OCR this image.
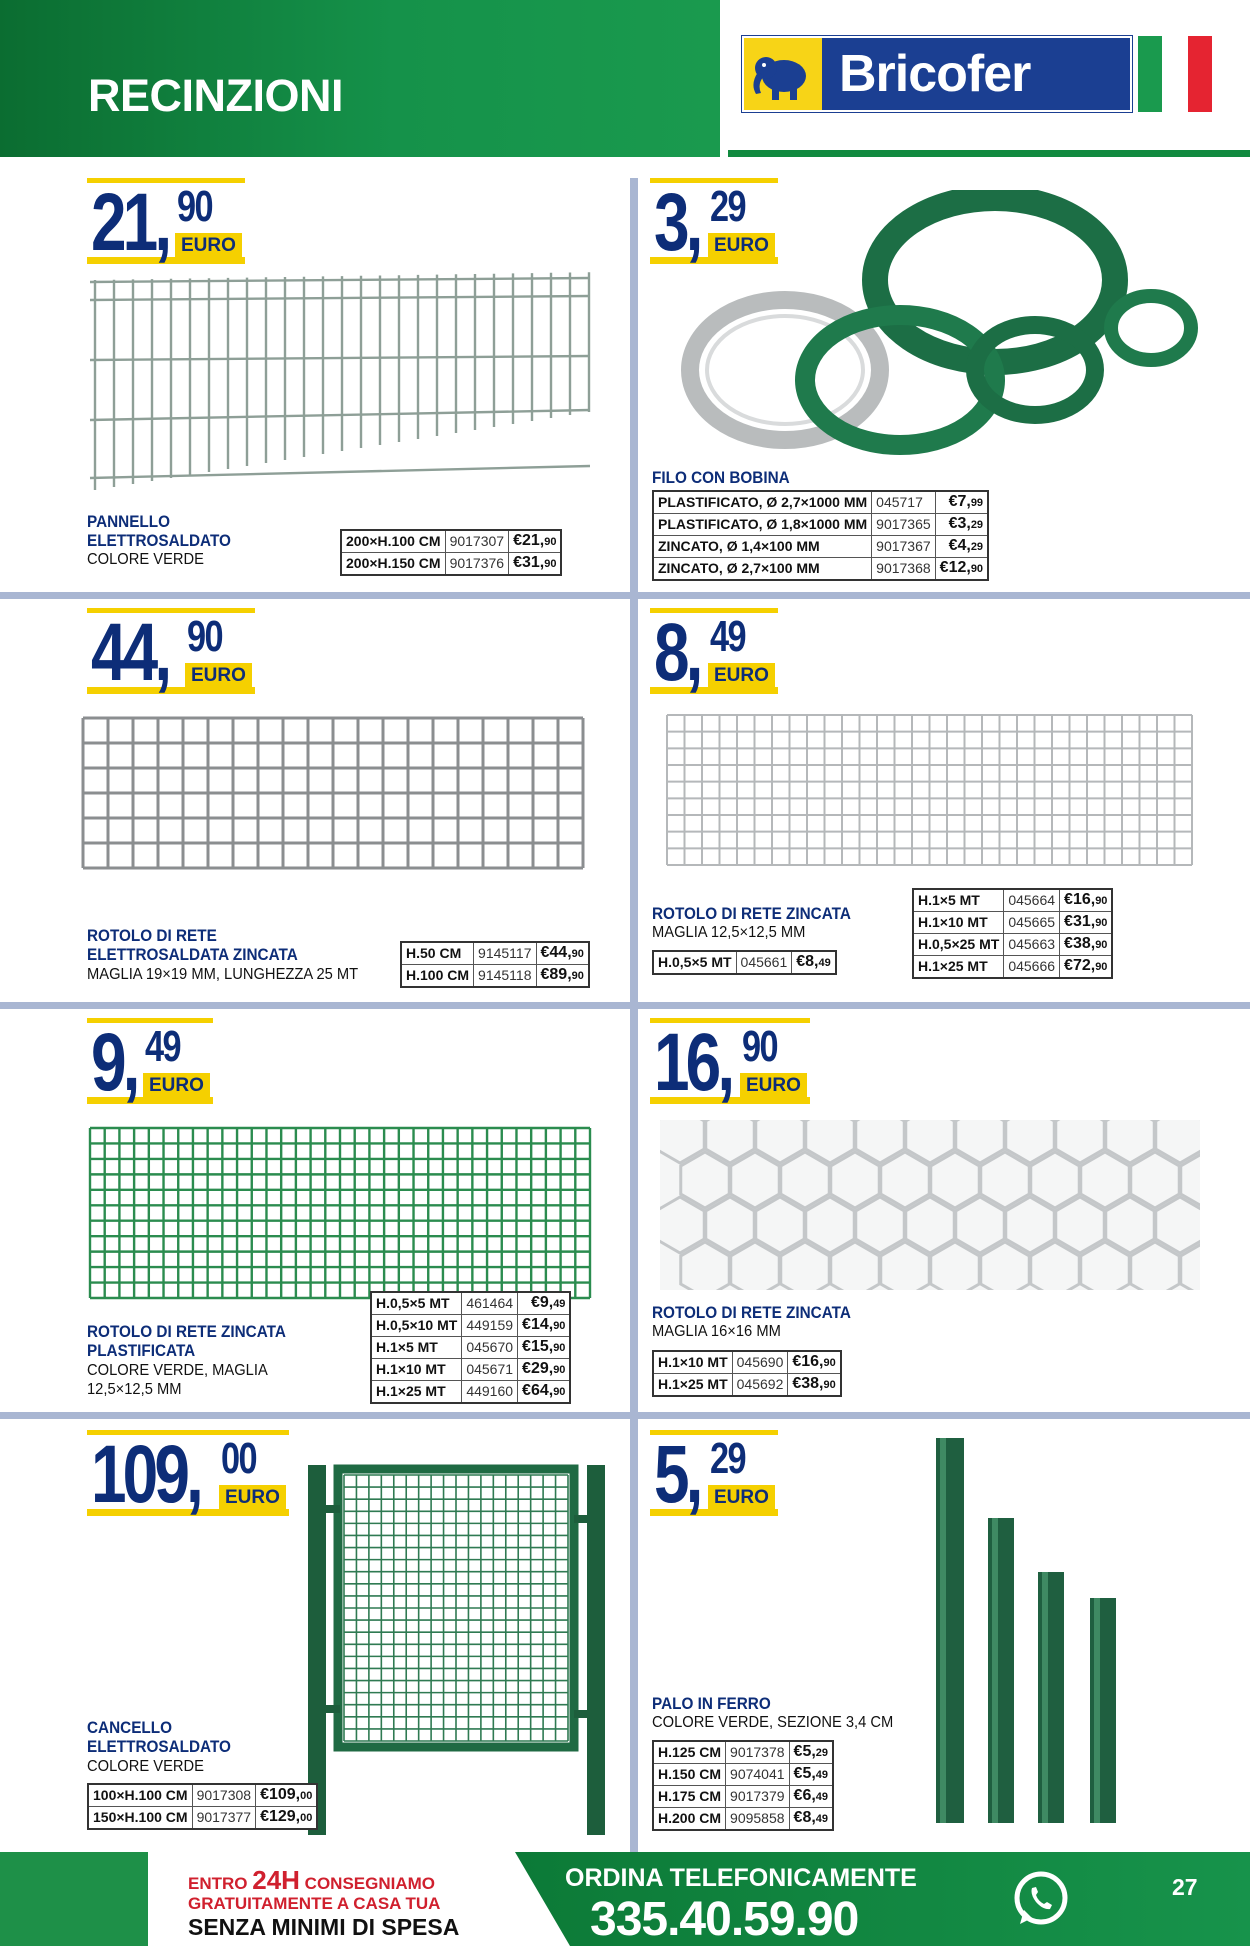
RECINZIONI	Bricofer
21, 90
EURO
PANNELLO
ELETTROSALDATO
COLORE VERDE
200×H.100 CM	9017307	€21,90
200×H.150 CM	9017376	€31,90
3, 29
EURO
FILO CON BOBINA
PLASTIFICATO, Ø 2,7×1000 MM	045717	€7,99
PLASTIFICATO, Ø 1,8×1000 MM	9017365	€3,29
ZINCATO, Ø 1,4×100 MM	9017367	€4,29
ZINCATO, Ø 2,7×100 MM	9017368	€12,90
44, 90
EURO
ROTOLO DI RETE
ELETTROSALDATA ZINCATA
MAGLIA 19×19 MM, LUNGHEZZA 25 MT
H.50 CM	9145117	€44,90
H.100 CM	9145118	€89,90
8, 49
EURO
ROTOLO DI RETE ZINCATA
MAGLIA 12,5×12,5 MM
H.0,5×5 MT	045661	€8,49
H.1×5 MT	045664	€16,90
H.1×10 MT	045665	€31,90
H.0,5×25 MT	045663	€38,90
H.1×25 MT	045666	€72,90
9, 49
EURO
ROTOLO DI RETE ZINCATA
PLASTIFICATA
COLORE VERDE, MAGLIA
12,5×12,5 MM
H.0,5×5 MT	461464	€9,49
H.0,5×10 MT	449159	€14,90
H.1×5 MT	045670	€15,90
H.1×10 MT	045671	€29,90
H.1×25 MT	449160	€64,90
16, 90
EURO
ROTOLO DI RETE ZINCATA
MAGLIA 16×16 MM
H.1×10 MT	045690	€16,90
H.1×25 MT	045692	€38,90
109, 00
EURO
CANCELLO
ELETTROSALDATO
COLORE VERDE
100×H.100 CM	9017308	€109,00
150×H.100 CM	9017377	€129,00
5, 29
EURO
PALO IN FERRO
COLORE VERDE, SEZIONE 3,4 CM
H.125 CM	9017378	€5,29
H.150 CM	9074041	€5,49
H.175 CM	9017379	€6,49
H.200 CM	9095858	€8,49
ENTRO 24H CONSEGNIAMO
GRATUITAMENTE A CASA TUA
SENZA MINIMI DI SPESA
ORDINA TELEFONICAMENTE
335.40.59.90
27
